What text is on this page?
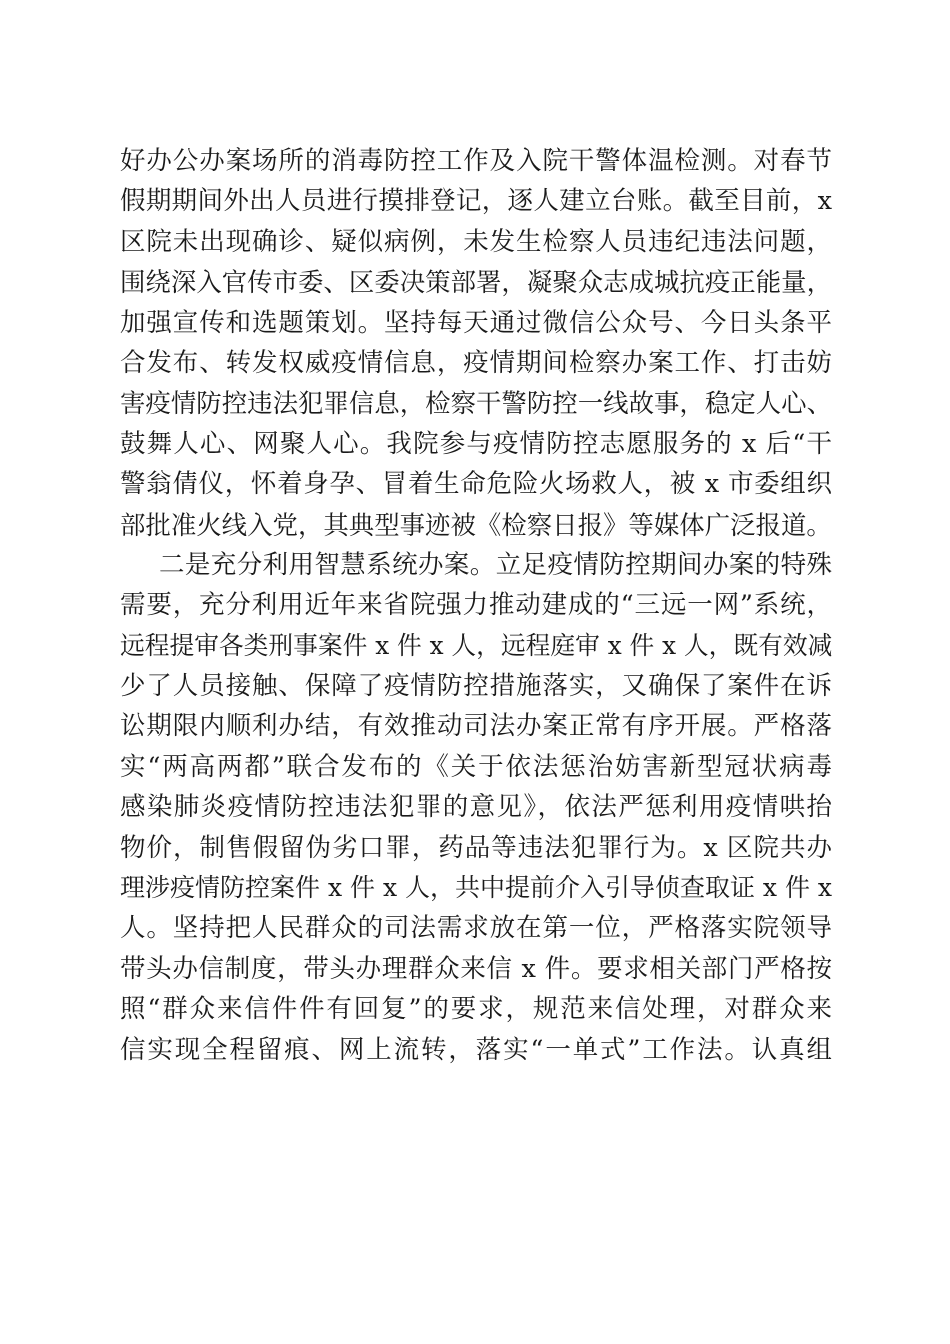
好办公办案场所的消毒防控工作及入院干警体温检测。对春节
假期期间外出人员进行摸排登记，逐人建立台账。截至目前，x
区院未出现确诊、疑似病例，未发生检察人员违纪违法问题，
围绕深入官传市委、区委决策部署，凝聚众志成城抗疫正能量，
加强宣传和选题策划。坚持每天通过微信公众号、今日头条平
合发布、转发权威疫情信息，疫情期间检察办案工作、打击妨
害疫情防控违法犯罪信息，检察干警防控一线故事，稳定人心、
鼓舞人心、网聚人心。我院参与疫情防控志愿服务的 x 后“干
警翁倩仪，怀着身孕、冒着生命危险火场救人，被 x 市委组织
部批准火线入党，其典型事迹被《检察日报》等媒体广泛报道。
二是充分利用智慧系统办案。立足疫情防控期间办案的特殊
需要，充分利用近年来省院强力推动建成的“三远一网”系统，
远程提审各类刑事案件 x 件 x 人，远程庭审 x 件 x 人，既有效减
少了人员接触、保障了疫情防控措施落实，又确保了案件在诉
讼期限内顺利办结，有效推动司法办案正常有序开展。严格落
实“两高两都”联合发布的《关于依法惩治妨害新型冠状病毒
感染肺炎疫情防控违法犯罪的意见》，依法严惩利用疫情哄抬
物价，制售假留伪劣口罪，药品等违法犯罪行为。x 区院共办
理涉疫情防控案件 x 件 x 人，共中提前介入引导侦查取证 x 件 x
人。坚持把人民群众的司法需求放在第一位，严格落实院领导
带头办信制度，带头办理群众来信 x 件。要求相关部门严格按
照“群众来信件件有回复”的要求，规范来信处理，对群众来
信实现全程留痕、网上流转，落实“一单式”工作法。认真组
